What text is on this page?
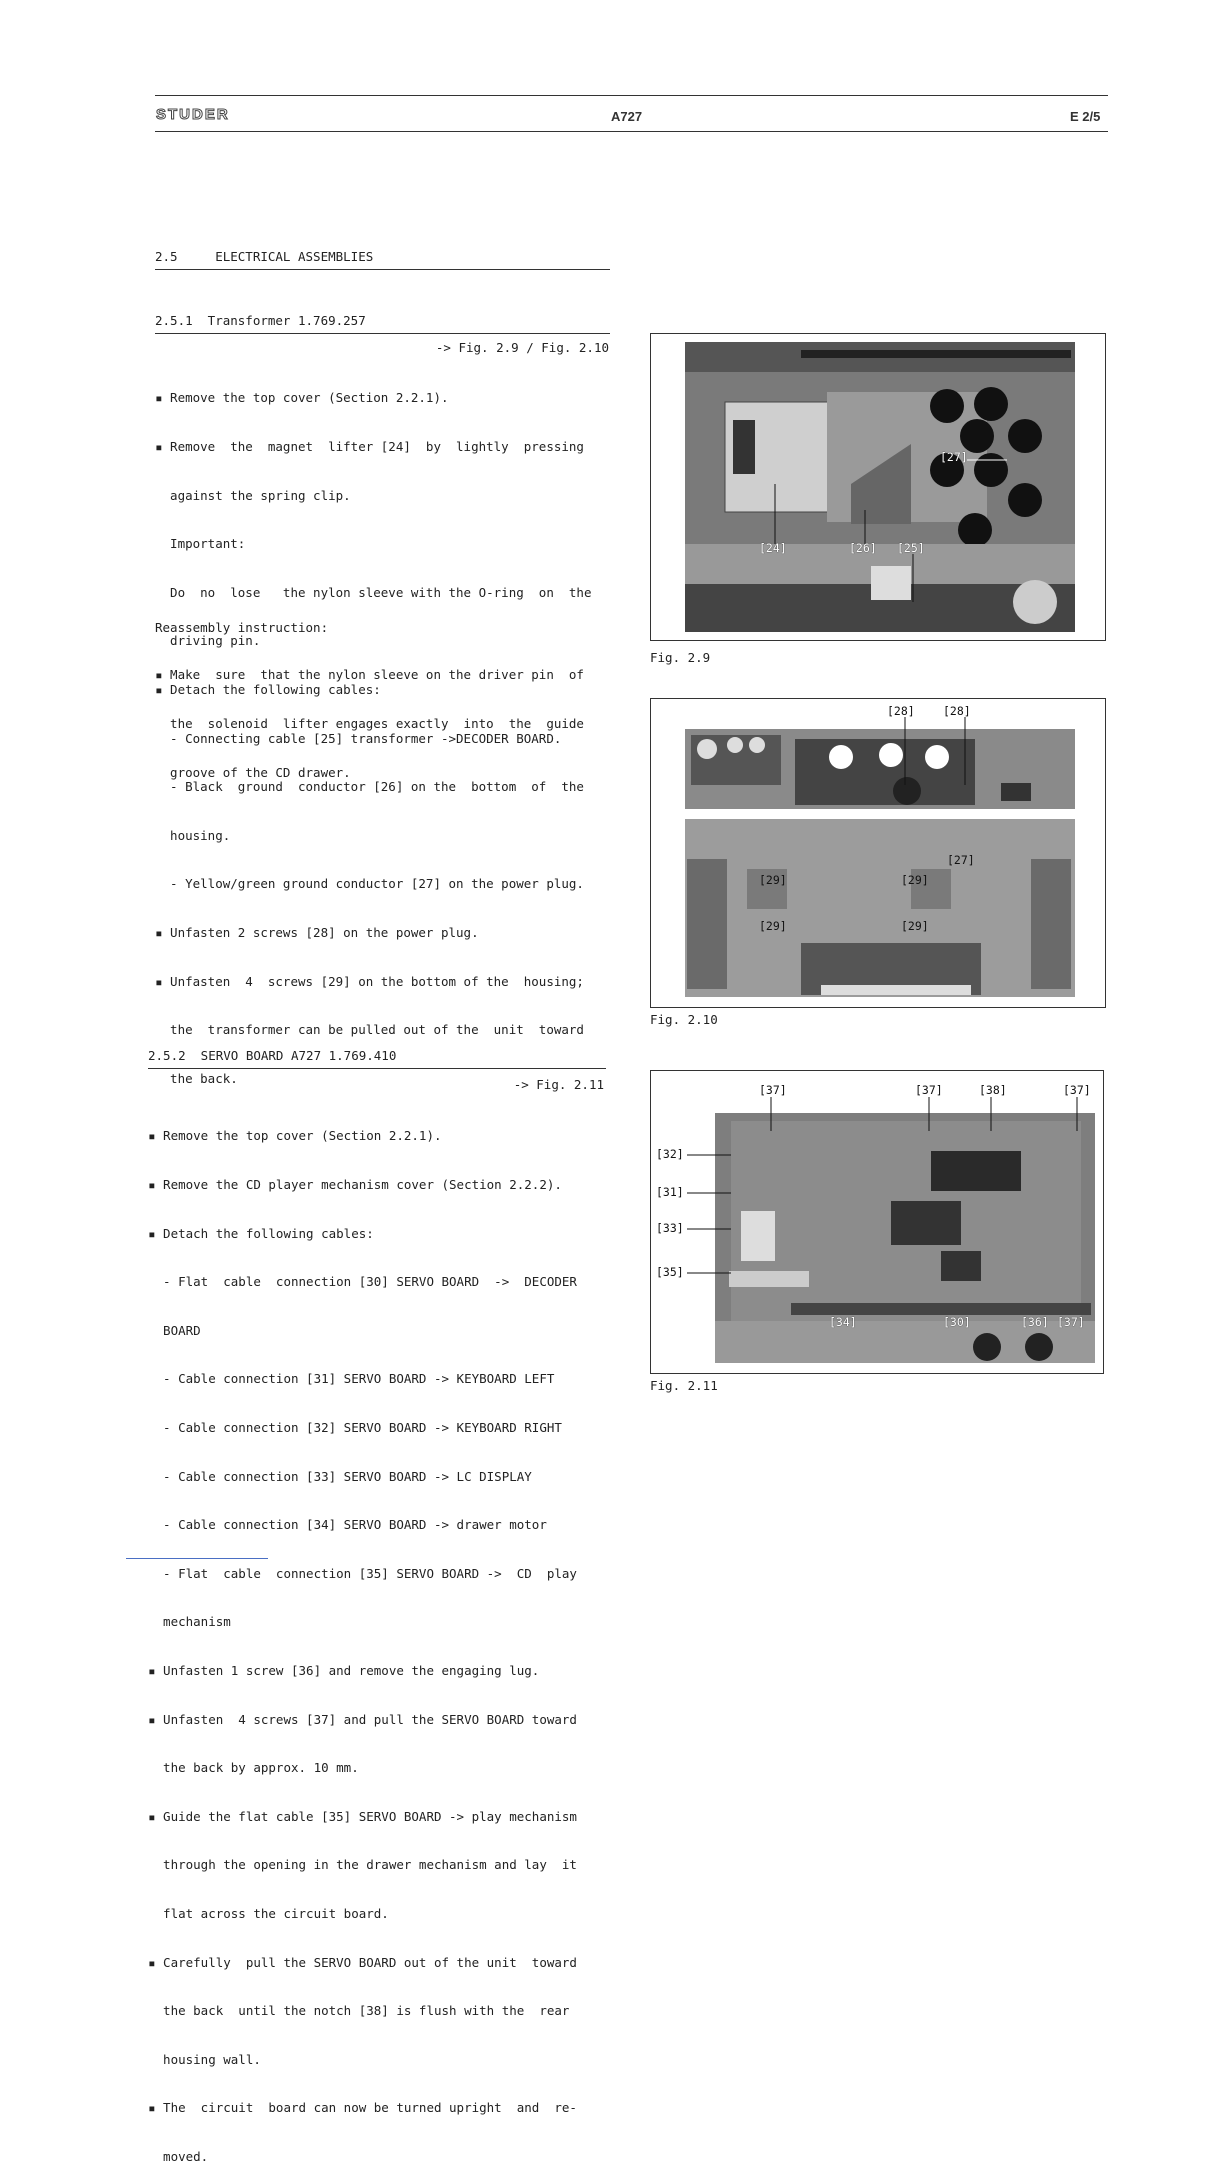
STUDER	A727	E 2/5
2.5     ELECTRICAL ASSEMBLIES
2.5.1  Transformer 1.769.257
-> Fig. 2.9 / Fig. 2.10

▪ Remove the top cover (Section 2.2.1).

▪ Remove  the  magnet  lifter [24]  by  lightly  pressing

against the spring clip.

Important:

Do  no  lose   the nylon sleeve with the O-ring  on  the

driving pin.

▪ Detach the following cables:

- Connecting cable [25] transformer ->DECODER BOARD.

- Black  ground  conductor [26] on the  bottom  of  the

housing.

- Yellow/green ground conductor [27] on the power plug.

▪ Unfasten 2 screws [28] on the power plug.

▪ Unfasten  4  screws [29] on the bottom of the  housing;

the  transformer can be pulled out of the  unit  toward

the back.

Reassembly instruction:

▪ Make  sure  that the nylon sleeve on the driver pin  of

the  solenoid  lifter engages exactly  into  the  guide

groove of the CD drawer.

2.5.2  SERVO BOARD A727 1.769.410
-> Fig. 2.11

▪ Remove the top cover (Section 2.2.1).

▪ Remove the CD player mechanism cover (Section 2.2.2).

▪ Detach the following cables:

- Flat  cable  connection [30] SERVO BOARD  ->  DECODER

BOARD

- Cable connection [31] SERVO BOARD -> KEYBOARD LEFT

- Cable connection [32] SERVO BOARD -> KEYBOARD RIGHT

- Cable connection [33] SERVO BOARD -> LC DISPLAY

- Cable connection [34] SERVO BOARD -> drawer motor

- Flat  cable  connection [35] SERVO BOARD ->  CD  play

mechanism

▪ Unfasten 1 screw [36] and remove the engaging lug.

▪ Unfasten  4 screws [37] and pull the SERVO BOARD toward

the back by approx. 10 mm.

▪ Guide the flat cable [35] SERVO BOARD -> play mechanism

through the opening in the drawer mechanism and lay  it

flat across the circuit board.

▪ Carefully  pull the SERVO BOARD out of the unit  toward

the back  until the notch [38] is flush with the  rear

housing wall.

▪ The  circuit  board can now be turned upright  and  re-

moved.

[27]
[24]	[26] [25]
Fig. 2.9
[28] [28]
[27]
[29]	[29]
[29]	[29]
Fig. 2.10
[37]	[37]	[38]	[37]
[32]
[31]
[33]
[35]
[34]	[30]	[36] [37]
Fig. 2.11
